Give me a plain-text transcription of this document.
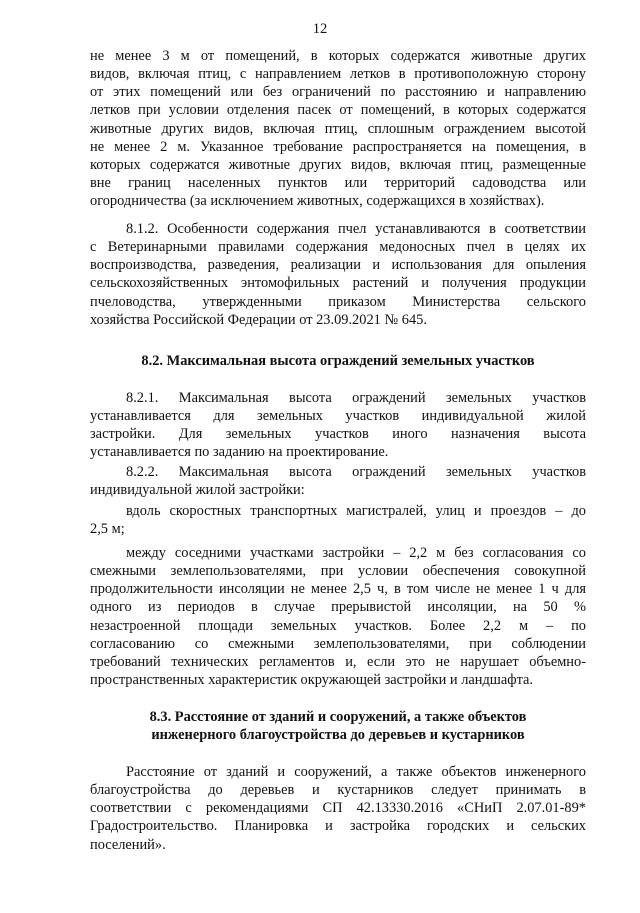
12
не менее 3 м от помещений, в которых содержатся животные других
видов, включая птиц, с направлением летков в противоположную сторону
от этих помещений или без ограничений по расстоянию и направлению
летков при условии отделения пасек от помещений, в которых содержатся
животные других видов, включая птиц, сплошным ограждением высотой
не менее 2 м. Указанное требование распространяется на помещения, в
которых содержатся животные других видов, включая птиц, размещенные
вне границ населенных пунктов или территорий садоводства или
огородничества (за исключением животных, содержащихся в хозяйствах).
8.1.2. Особенности содержания пчел устанавливаются в соответствии
с Ветеринарными правилами содержания медоносных пчел в целях их
воспроизводства, разведения, реализации и использования для опыления
сельскохозяйственных энтомофильных растений и получения продукции
пчеловодства, утвержденными приказом Министерства сельского
хозяйства Российской Федерации от 23.09.2021 № 645.
8.2. Максимальная высота ограждений земельных участков
8.2.1. Максимальная высота ограждений земельных участков
устанавливается для земельных участков индивидуальной жилой
застройки. Для земельных участков иного назначения высота
устанавливается по заданию на проектирование.
8.2.2. Максимальная высота ограждений земельных участков
индивидуальной жилой застройки:
вдоль скоростных транспортных магистралей, улиц и проездов – до
2,5 м;
между соседними участками застройки – 2,2 м без согласования со
смежными землепользователями, при условии обеспечения совокупной
продолжительности инсоляции не менее 2,5 ч, в том числе не менее 1 ч для
одного из периодов в случае прерывистой инсоляции, на 50 %
незастроенной площади земельных участков. Более 2,2 м – по
согласованию со смежными землепользователями, при соблюдении
требований технических регламентов и, если это не нарушает объемно-
пространственных характеристик окружающей застройки и ландшафта.
8.3. Расстояние от зданий и сооружений, а также объектов
инженерного благоустройства до деревьев и кустарников
Расстояние от зданий и сооружений, а также объектов инженерного
благоустройства до деревьев и кустарников следует принимать в
соответствии с рекомендациями СП 42.13330.2016 «СНиП 2.07.01-89*
Градостроительство. Планировка и застройка городских и сельских
поселений».
